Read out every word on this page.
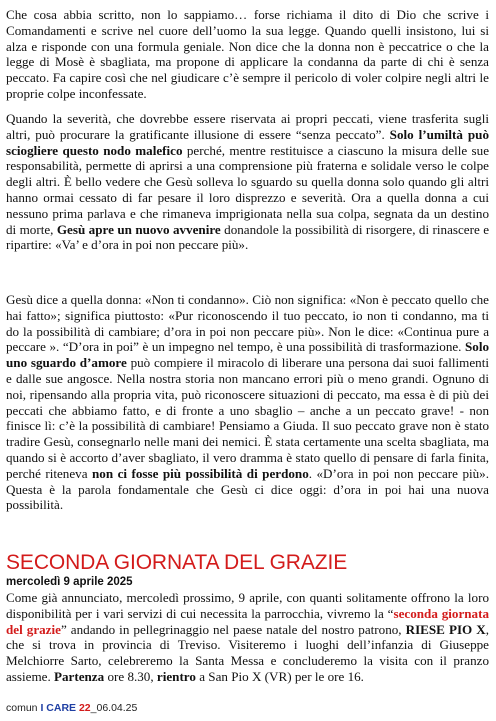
Che cosa abbia scritto, non lo sappiamo… forse richiama il dito di Dio che scrive i Comandamenti e scrive nel cuore dell’uomo la sua legge. Quando quelli insistono, lui si alza e risponde con una formula geniale. Non dice che la donna non è peccatrice o che la legge di Mosè è sbagliata, ma propone di applicare la condanna da parte di chi è senza peccato. Fa capire così che nel giudicare c’è sempre il pericolo di voler colpire negli altri le proprie colpe inconfessate.

Quando la severità, che dovrebbe essere riservata ai propri peccati, viene trasferita sugli altri, può procurare la gratificante illusione di essere “senza peccato”. Solo l’umiltà può sciogliere questo nodo malefico perché, mentre restituisce a ciascuno la misura delle sue responsabilità, permette di aprirsi a una comprensione più fraterna e solidale verso le colpe degli altri. È bello vedere che Gesù solleva lo sguardo su quella donna solo quando gli altri hanno ormai cessato di far pesare il loro disprezzo e severità. Ora a quella donna a cui nessuno prima parlava e che rimaneva imprigionata nella sua colpa, segnata da un destino di morte, Gesù apre un nuovo avvenire donandole la possibilità di risorgere, di rinascere e ripartire: «Va’ e d’ora in poi non peccare più».

Gesù dice a quella donna: «Non ti condanno». Ciò non significa: «Non è peccato quello che hai fatto»; significa piuttosto: «Pur riconoscendo il tuo peccato, io non ti condanno, ma ti do la possibilità di cambiare; d’ora in poi non peccare più». Non le dice: «Continua pure a peccare ». “D’ora in poi” è un impegno nel tempo, è una possibilità di trasformazione. Solo uno sguardo d’amore può compiere il miracolo di liberare una persona dai suoi fallimenti e dalle sue angosce. Nella nostra storia non mancano errori più o meno grandi. Ognuno di noi, ripensando alla propria vita, può riconoscere situazioni di peccato, ma essa è di più dei peccati che abbiamo fatto, e di fronte a uno sbaglio – anche a un peccato grave! - non finisce lì: c’è la possibilità di cambiare! Pensiamo a Giuda. Il suo peccato grave non è stato tradire Gesù, consegnarlo nelle mani dei nemici. È stata certamente una scelta sbagliata, ma quando si è accorto d’aver sbagliato, il vero dramma è stato quello di pensare di farla finita, perché riteneva non ci fosse più possibilità di perdono. «D’ora in poi non peccare più». Questa è la parola fondamentale che Gesù ci dice oggi: d’ora in poi hai una nuova possibilità.

SECONDA GIORNATA DEL GRAZIE
mercoledì 9 aprile 2025

Come già annunciato, mercoledì prossimo, 9 aprile, con quanti solitamente offrono la loro disponibilità per i vari servizi di cui necessita la parrocchia, vivremo la “seconda giornata del grazie” andando in pellegrinaggio nel paese natale del nostro patrono, RIESE PIO X, che si trova in provincia di Treviso. Visiteremo i luoghi dell’infanzia di Giuseppe Melchiorre Sarto, celebreremo la Santa Messa e concluderemo la visita con il pranzo assieme. Partenza ore 8.30, rientro a San Pio X (VR) per le ore 16.

comun I CARE 22_06.04.25
